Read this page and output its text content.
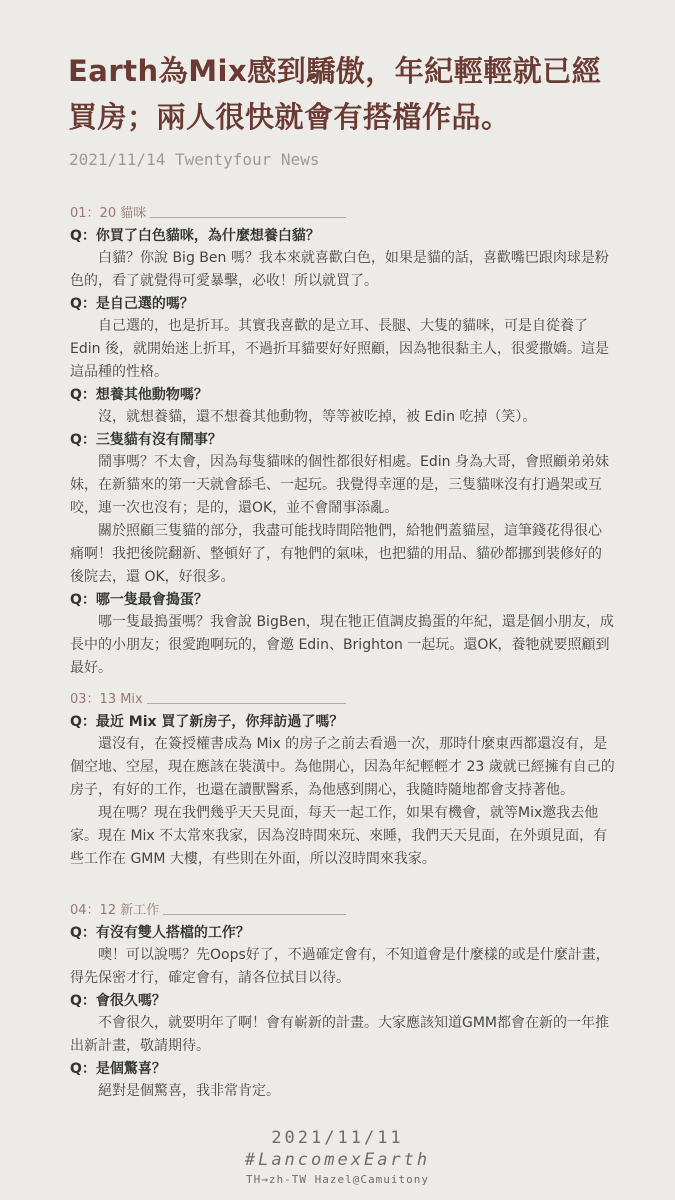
Earth為Mix感到驕傲，年紀輕輕就已經買房；兩人很快就會有搭檔作品。
2021/11/14 Twentyfour News
01：20 貓咪

Q：你買了白色貓咪，為什麼想養白貓？

白貓？你說 Big Ben 嗎？我本來就喜歡白色，如果是貓的話，喜歡嘴巴跟肉球是粉色的，看了就覺得可愛暴擊，必收！所以就買了。

Q：是自己選的嗎？

自己選的，也是折耳。其實我喜歡的是立耳、長腿、大隻的貓咪，可是自從養了 Edin 後，就開始迷上折耳，不過折耳貓要好好照顧，因為牠很黏主人，很愛撒嬌。這是這品種的性格。

Q：想養其他動物嗎？

沒，就想養貓，還不想養其他動物，等等被吃掉，被 Edin 吃掉（笑）。

Q：三隻貓有沒有鬧事？

鬧事嗎？不太會，因為每隻貓咪的個性都很好相處。Edin 身為大哥，會照顧弟弟妹妹，在新貓來的第一天就會舔毛、一起玩。我覺得幸運的是，三隻貓咪沒有打過架或互咬，連一次也沒有；是的，還OK，並不會鬧事添亂。

關於照顧三隻貓的部分，我盡可能找時間陪牠們，給牠們蓋貓屋，這筆錢花得很心痛啊！我把後院翻新、整頓好了，有牠們的氣味，也把貓的用品、貓砂都挪到裝修好的後院去，還 OK，好很多。

Q：哪一隻最會搗蛋？

哪一隻最搗蛋嗎？我會說 BigBen，現在牠正值調皮搗蛋的年紀，還是個小朋友，成長中的小朋友；很愛跑啊玩的，會邀 Edin、Brighton 一起玩。還OK，養牠就要照顧到最好。

03：13 Mix

Q：最近 Mix 買了新房子，你拜訪過了嗎？

還沒有，在簽授權書成為 Mix 的房子之前去看過一次，那時什麼東西都還沒有，是個空地、空屋，現在應該在裝潢中。為他開心，因為年紀輕輕才 23 歲就已經擁有自己的房子，有好的工作，也還在讀獸醫系，為他感到開心，我隨時隨地都會支持著他。

現在嗎？現在我們幾乎天天見面，每天一起工作，如果有機會，就等Mix邀我去他家。現在 Mix 不太常來我家，因為沒時間來玩、來睡，我們天天見面，在外頭見面，有些工作在 GMM 大樓，有些則在外面，所以沒時間來我家。

04：12 新工作

Q：有沒有雙人搭檔的工作？

噢！可以說嗎？先Oops好了，不過確定會有，不知道會是什麼樣的或是什麼計畫，得先保密才行，確定會有，請各位拭目以待。

Q：會很久嗎？

不會很久，就要明年了啊！會有嶄新的計畫。大家應該知道GMM都會在新的一年推出新計畫，敬請期待。

Q：是個驚喜？

絕對是個驚喜，我非常肯定。

2021/11/11
#LancomexEarth
TH→zh-TW Hazel@Camuitony
